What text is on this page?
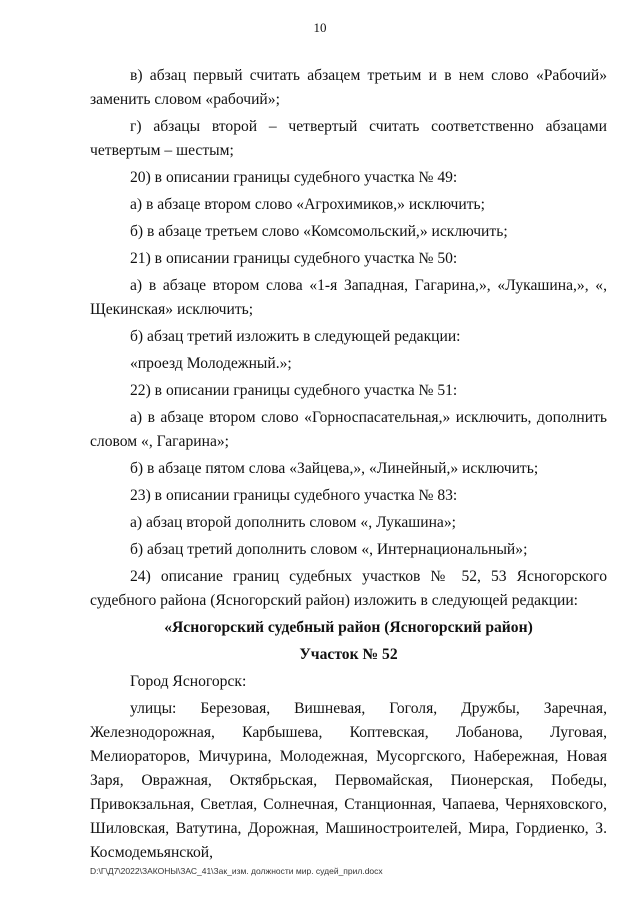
10

в) абзац первый считать абзацем третьим и в нем слово «Рабочий» заменить словом «рабочий»;

г) абзацы второй – четвертый считать соответственно абзацами четвертым – шестым;

20) в описании границы судебного участка № 49:

а) в абзаце втором слово «Агрохимиков,» исключить;

б) в абзаце третьем слово «Комсомольский,» исключить;

21) в описании границы судебного участка № 50:

а) в абзаце втором слова «1-я Западная, Гагарина,», «Лукашина,», «, Щекинская» исключить;

б) абзац третий изложить в следующей редакции:

«проезд Молодежный.»;

22) в описании границы судебного участка № 51:

а) в абзаце втором слово «Горноспасательная,» исключить, дополнить словом «, Гагарина»;

б) в абзаце пятом слова «Зайцева,», «Линейный,» исключить;

23) в описании границы судебного участка № 83:

а) абзац второй дополнить словом «, Лукашина»;

б) абзац третий дополнить словом «, Интернациональный»;

24) описание границ судебных участков № 52, 53 Ясногорского судебного района (Ясногорский район) изложить в следующей редакции:

«Ясногорский судебный район (Ясногорский район)

Участок № 52

Город Ясногорск:

улицы: Березовая, Вишневая, Гоголя, Дружбы, Заречная, Железнодорожная, Карбышева, Коптевская, Лобанова, Луговая, Мелиораторов, Мичурина, Молодежная, Мусоргского, Набережная, Новая Заря, Овражная, Октябрьская, Первомайская, Пионерская, Победы, Привокзальная, Светлая, Солнечная, Станционная, Чапаева, Черняховского, Шиловская, Ватутина, Дорожная, Машиностроителей, Мира, Гордиенко, З. Космодемьянской,

D:\Г\Д7\2022\ЗАКОНЫ\ЗАС_41\Зак_изм. должности мир. судей_прил.docx
